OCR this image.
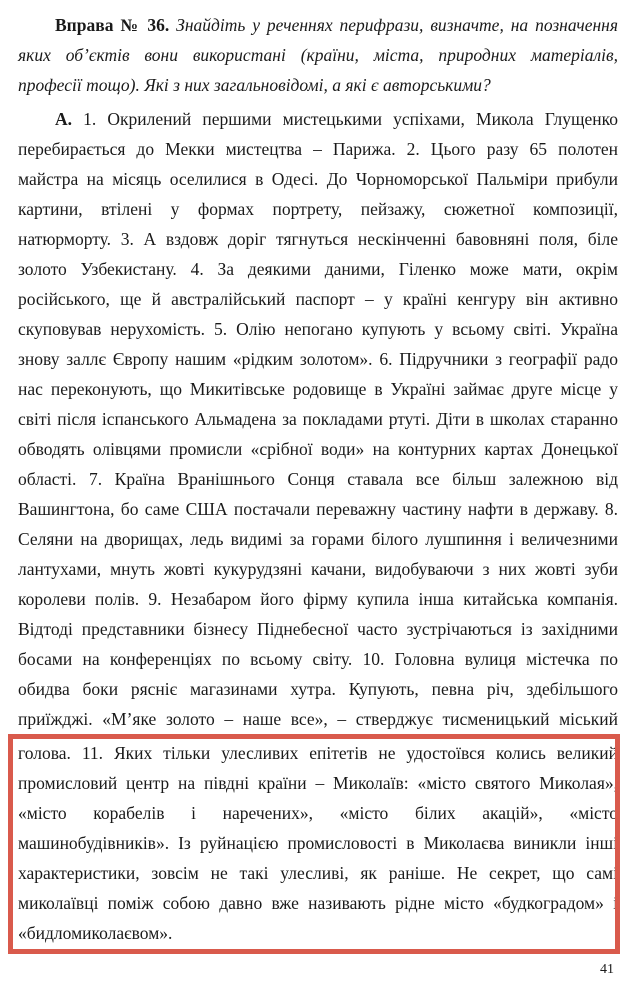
Вправа № 36. Знайдіть у реченнях перифрази, визначте, на позначення
яких об’єктів вони використані (країни, міста, природних матеріалів,
професії тощо). Які з них загальновідомі, а які є авторськими?
А. 1. Окрилений першими мистецькими успіхами, Микола Глущенко
перебирається до Мекки мистецтва – Парижа. 2. Цього разу 65 полотен
майстра на місяць оселилися в Одесі. До Чорноморської Пальміри прибули
картини, втілені у формах портрету, пейзажу, сюжетної композиції,
натюрморту. 3. А вздовж доріг тягнуться нескінченні бавовняні поля, біле
золото Узбекистану. 4. За деякими даними, Гіленко може мати, окрім
російського, ще й австралійський паспорт – у країні кенгуру він активно
скуповував нерухомість. 5. Олію непогано купують у всьому світі. Україна
знову заллє Європу нашим «рідким золотом». 6. Підручники з географії радо
нас переконують, що Микитівське родовище в Україні займає друге місце у
світі після іспанського Альмадена за покладами ртуті. Діти в школах старанно
обводять олівцями промисли «срібної води» на контурних картах Донецької
області. 7. Країна Вранішнього Сонця ставала все більш залежною від
Вашингтона, бо саме США постачали переважну частину нафти в державу. 8.
Селяни на дворищах, ледь видимі за горами білого лушпиння і величезними
лантухами, мнуть жовті кукурудзяні качани, видобуваючи з них жовті зуби
королеви полів. 9. Незабаром його фірму купила інша китайська компанія.
Відтоді представники бізнесу Піднебесної часто зустрічаються із західними
босами на конференціях по всьому світу. 10. Головна вулиця містечка по
обидва боки рясніє магазинами хутра. Купують, певна річ, здебільшого
приїжджі. «М’яке золото – наше все», – стверджує тисменицький міський
голова. 11. Яких тільки улесливих епітетів не удостоївся колись великий
промисловий центр на півдні країни – Миколаїв: «місто святого Миколая»,
«місто корабелів і наречених», «місто білих акацій», «місто
машинобудівників». Із руйнацією промисловості в Миколаєва виникли інші
характеристики, зовсім не такі улесливі, як раніше. Не секрет, що самі
миколаївці поміж собою давно вже називають рідне місто «будкоградом» і
«бидломиколаєвом».
41
